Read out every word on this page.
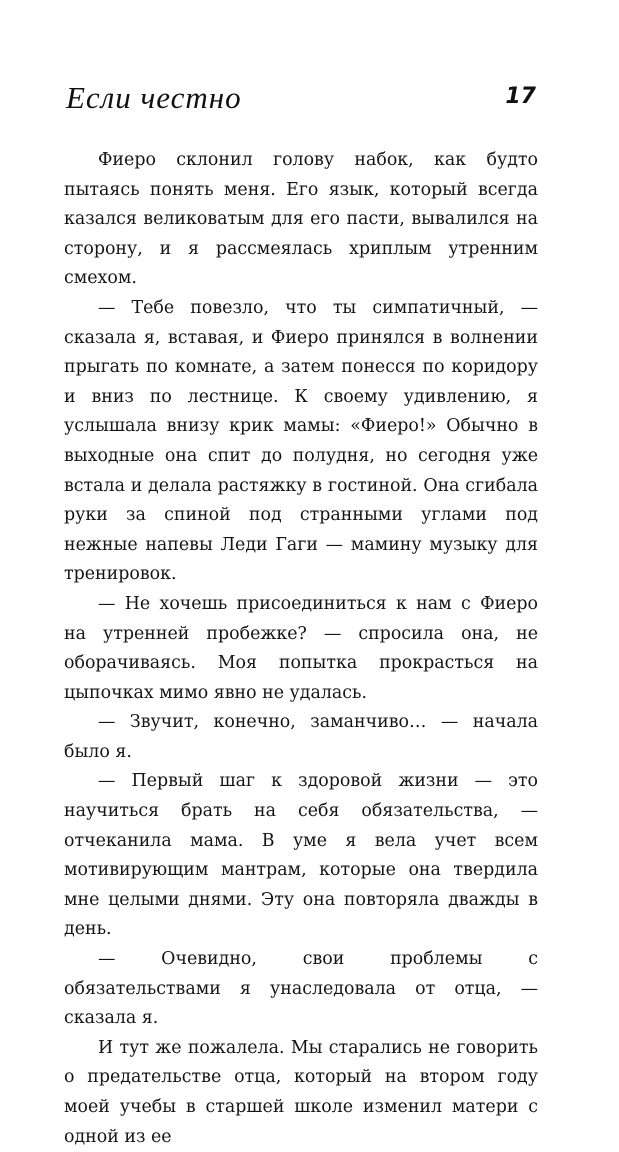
Если честно	17

Фиеро склонил голову набок, как будто пытаясь понять меня. Его язык, который всегда казался великоватым для его пасти, вывалился на сторону, и я рассмеялась хриплым утренним смехом.

— Тебе повезло, что ты симпатичный, — сказала я, вставая, и Фиеро принялся в волнении прыгать по комнате, а затем понесся по коридору и вниз по лестнице. К своему удивлению, я услышала внизу крик мамы: «Фиеро!» Обычно в выходные она спит до полудня, но сегодня уже встала и делала растяжку в гостиной. Она сгибала руки за спиной под странными углами под нежные напевы Леди Гаги — мамину музыку для тренировок.

— Не хочешь присоединиться к нам с Фиеро на утренней пробежке? — спросила она, не оборачиваясь. Моя попытка прокрасться на цыпочках мимо явно не удалась.

— Звучит, конечно, заманчиво… — начала было я.

— Первый шаг к здоровой жизни — это научиться брать на себя обязательства, — отчеканила мама. В уме я вела учет всем мотивирующим мантрам, которые она твердила мне целыми днями. Эту она повторяла дважды в день.

— Очевидно, свои проблемы с обязательствами я унаследовала от отца, — сказала я.

И тут же пожалела. Мы старались не говорить о предательстве отца, который на втором году моей учебы в старшей школе изменил матери с одной из ее
